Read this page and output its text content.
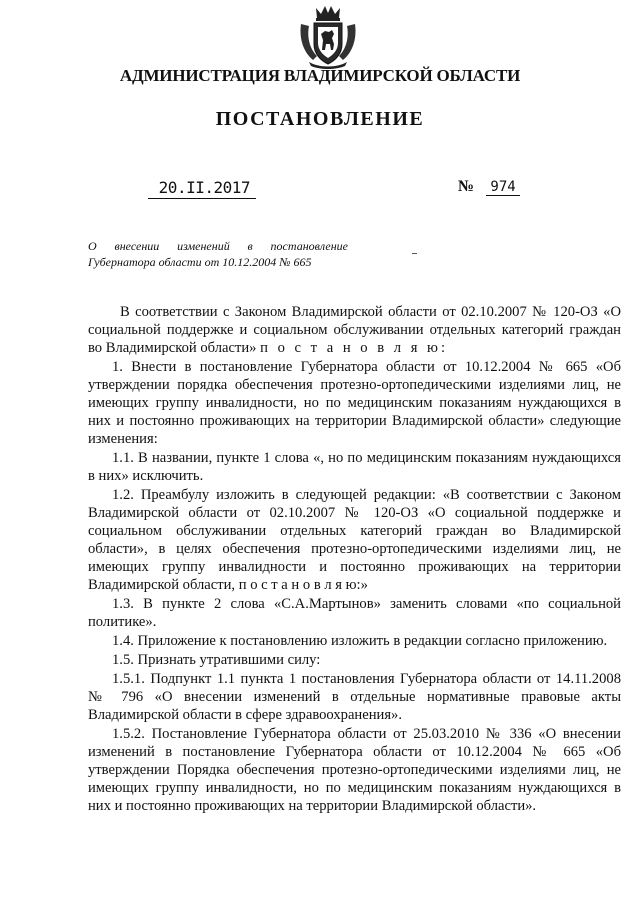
АДМИНИСТРАЦИЯ ВЛАДИМИРСКОЙ ОБЛАСТИ
ПОСТАНОВЛЕНИЕ
20.II.2017	№ 974
О внесении изменений в постановление
Губернатора области от 10.12.2004 № 665

В соответствии с Законом Владимирской области от 02.10.2007 № 120-ОЗ «О социальной поддержке и социальном обслуживании отдельных категорий граждан во Владимирской области» п о с т а н о в л я ю:

1. Внести в постановление Губернатора области от 10.12.2004 № 665 «Об утверждении порядка обеспечения протезно-ортопедическими изделиями лиц, не имеющих группу инвалидности, но по медицинским показаниям нуждающихся в них и постоянно проживающих на территории Владимирской области» следующие изменения:

1.1. В названии, пункте 1 слова «, но по медицинским показаниям нуждающихся в них» исключить.

1.2. Преамбулу изложить в следующей редакции: «В соответствии с Законом Владимирской области от 02.10.2007 № 120-ОЗ «О социальной поддержке и социальном обслуживании отдельных категорий граждан во Владимирской области», в целях обеспечения протезно-ортопедическими изделиями лиц, не имеющих группу инвалидности и постоянно проживающих на территории Владимирской области, п о с т а н о в л я ю:»

1.3. В пункте 2 слова «С.А.Мартынов» заменить словами «по социальной политике».

1.4. Приложение к постановлению изложить в редакции согласно приложению.

1.5. Признать утратившими силу:

1.5.1. Подпункт 1.1 пункта 1 постановления Губернатора области от 14.11.2008 № 796 «О внесении изменений в отдельные нормативные правовые акты Владимирской области в сфере здравоохранения».

1.5.2. Постановление Губернатора области от 25.03.2010 № 336 «О внесении изменений в постановление Губернатора области от 10.12.2004 № 665 «Об утверждении Порядка обеспечения протезно-ортопедическими изделиями лиц, не имеющих группу инвалидности, но по медицинским показаниям нуждающихся в них и постоянно проживающих на территории Владимирской области».
